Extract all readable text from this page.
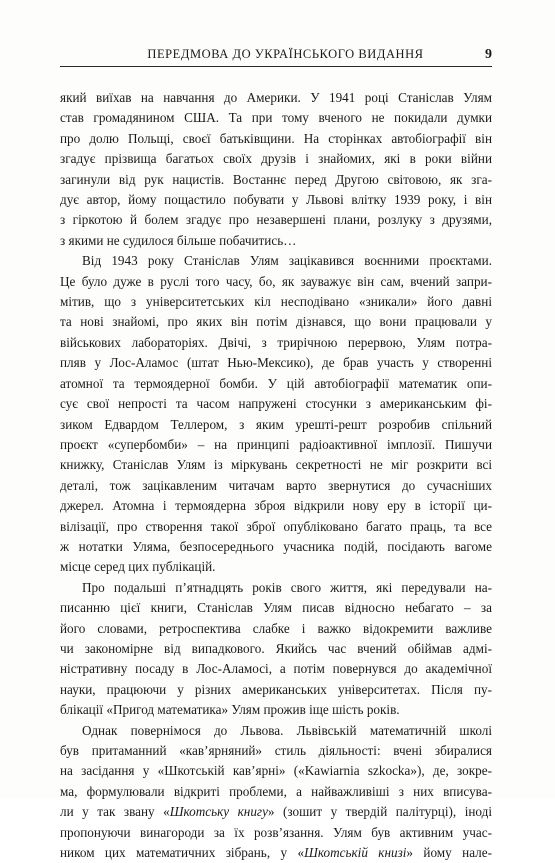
ПЕРЕДМОВА ДО УКРАЇНСЬКОГО ВИДАННЯ	9

який виїхав на навчання до Америки. У 1941 році Станіслав Улям
став громадянином США. Та при тому вченого не покидали думки
про долю Польщі, своєї батьківщини. На сторінках автобіографії він
згадує прізвища багатьох своїх друзів і знайомих, які в роки війни
загинули від рук нацистів. Востаннє перед Другою світовою, як зга-
дує автор, йому пощастило побувати у Львові влітку 1939 року, і він
з гіркотою й болем згадує про незавершені плани, розлуку з друзями,
з якими не судилося більше побачитись…

Від 1943 року Станіслав Улям зацікавився воєнними проєктами.
Це було дуже в руслі того часу, бо, як зауважує він сам, вчений запри-
мітив, що з університетських кіл несподівано «зникали» його давні
та нові знайомі, про яких він потім дізнався, що вони працювали у
військових лабораторіях. Двічі, з трирічною перервою, Улям потра-
пляв у Лос-Аламос (штат Нью-Мексико), де брав участь у створенні
атомної та термоядерної бомби. У цій автобіографії математик опи-
сує свої непрості та часом напружені стосунки з американським фі-
зиком Едвардом Теллером, з яким урешті-решт розробив спільний
проєкт «супербомби» – на принципі радіоактивної імплозії. Пишучи
книжку, Станіслав Улям із міркувань секретності не міг розкрити всі
деталі, тож зацікавленим читачам варто звернутися до сучасніших
джерел. Атомна і термоядерна зброя відкрили нову еру в історії ци-
вілізації, про створення такої зброї опубліковано багато праць, та все
ж нотатки Уляма, безпосереднього учасника подій, посідають вагоме
місце серед цих публікацій.

Про подальші п’ятнадцять років свого життя, які передували на-
писанню цієї книги, Станіслав Улям писав відносно небагато – за
його словами, ретроспектива слабке і важко відокремити важливе
чи закономірне від випадкового. Якийсь час вчений обіймав адмі-
ністративну посаду в Лос-Аламосі, а потім повернувся до академічної
науки, працюючи у різних американських університетах. Після пу-
блікації «Пригод математика» Улям прожив іще шість років.

Однак повернімося до Львова. Львівській математичній школі
був притаманний «кав’ярняний» стиль діяльності: вчені збиралися
на засідання у «Шкотській кав’ярні» («Kawiarnia szkocka»), де, зокре-
ма, формулювали відкриті проблеми, а найважливіші з них вписува-
ли у так звану «Шкотську книгу» (зошит у твердій палітурці), іноді
пропонуючи винагороди за їх розв’язання. Улям був активним учас-
ником цих математичних зібрань, у «Шкотській книзі» йому нале-
